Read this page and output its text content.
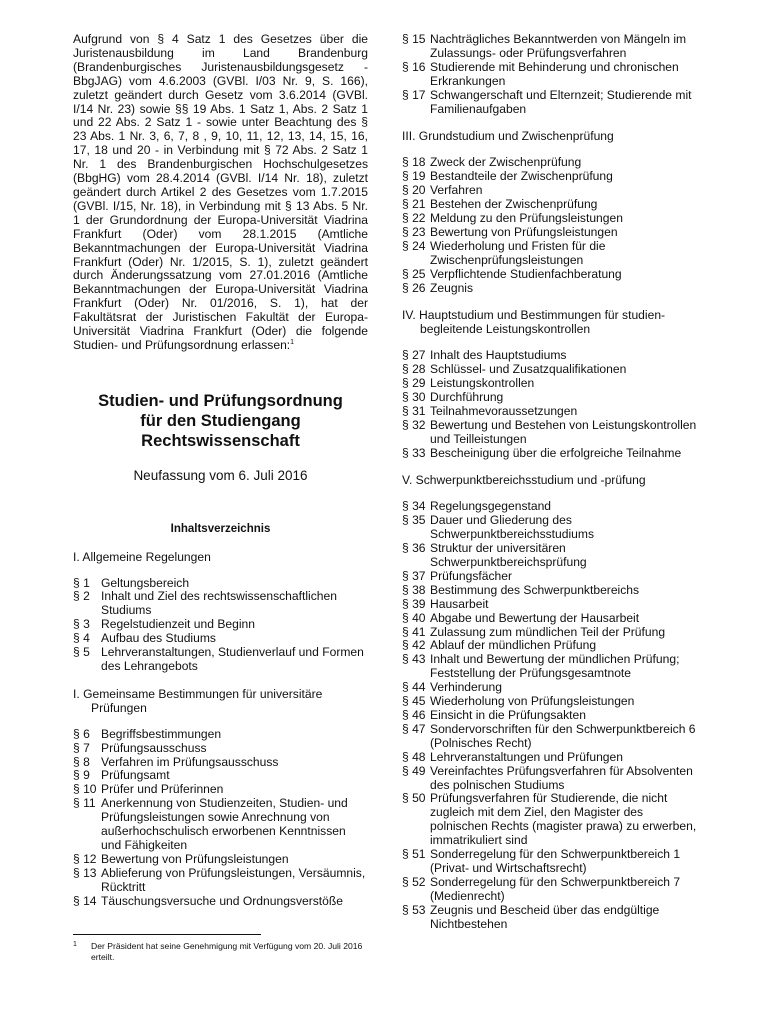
Aufgrund von § 4 Satz 1 des Gesetzes über die Juristenausbildung im Land Brandenburg (Brandenburgisches Juristenausbildungsgesetz - BbgJAG) vom 4.6.2003 (GVBl. I/03 Nr. 9, S. 166), zuletzt geändert durch Gesetz vom 3.6.2014 (GVBl. I/14 Nr. 23) sowie §§ 19 Abs. 1 Satz 1, Abs. 2 Satz 1 und 22 Abs. 2 Satz 1 - sowie unter Beachtung des § 23 Abs. 1 Nr. 3, 6, 7, 8 , 9, 10, 11, 12, 13, 14, 15, 16, 17, 18 und 20 - in Verbindung mit § 72 Abs. 2 Satz 1 Nr. 1 des Brandenburgischen Hochschulgesetzes (BbgHG) vom 28.4.2014 (GVBl. I/14 Nr. 18), zuletzt geändert durch Artikel 2 des Gesetzes vom 1.7.2015 (GVBl. I/15, Nr. 18), in Verbindung mit § 13 Abs. 5 Nr. 1 der Grundordnung der Europa-Universität Viadrina Frankfurt (Oder) vom 28.1.2015 (Amtliche Bekanntmachungen der Europa-Universität Viadrina Frankfurt (Oder) Nr. 1/2015, S. 1), zuletzt geändert durch Änderungssatzung vom 27.01.2016 (Amtliche Bekanntmachungen der Europa-Universität Viadrina Frankfurt (Oder) Nr. 01/2016, S. 1), hat der Fakultätsrat der Juristischen Fakultät der Europa- Universität Viadrina Frankfurt (Oder) die folgende Studien- und Prüfungsordnung erlassen:$^1$

Studien- und Prüfungsordnung
für den Studiengang
Rechtswissenschaft
Neufassung vom 6. Juli 2016
Inhaltsverzeichnis
I. Allgemeine Regelungen
§ 1 Geltungsbereich
§ 2 Inhalt und Ziel des rechtswissenschaftlichen Studiums
§ 3 Regelstudienzeit und Beginn
§ 4 Aufbau des Studiums
§ 5 Lehrveranstaltungen, Studienverlauf und Formen des Lehrangebots
I. Gemeinsame Bestimmungen für universitäre
Prüfungen
§ 6 Begriffsbestimmungen
§ 7 Prüfungsausschuss
§ 8 Verfahren im Prüfungsausschuss
§ 9 Prüfungsamt
§ 10 Prüfer und Prüferinnen
§ 11 Anerkennung von Studienzeiten, Studien- und Prüfungsleistungen sowie Anrechnung von außerhochschulisch erworbenen Kenntnissen und Fähigkeiten
§ 12 Bewertung von Prüfungsleistungen
§ 13 Ablieferung von Prüfungsleistungen, Versäumnis, Rücktritt
§ 14 Täuschungsversuche und Ordnungsverstöße
§ 15 Nachträgliches Bekanntwerden von Mängeln im Zulassungs- oder Prüfungsverfahren
§ 16 Studierende mit Behinderung und chronischen Erkrankungen
§ 17 Schwangerschaft und Elternzeit; Studierende mit Familienaufgaben
III. Grundstudium und Zwischenprüfung
§ 18 Zweck der Zwischenprüfung
§ 19 Bestandteile der Zwischenprüfung
§ 20 Verfahren
§ 21 Bestehen der Zwischenprüfung
§ 22 Meldung zu den Prüfungsleistungen
§ 23 Bewertung von Prüfungsleistungen
§ 24 Wiederholung und Fristen für die Zwischenprüfungsleistungen
§ 25 Verpflichtende Studienfachberatung
§ 26 Zeugnis
IV. Hauptstudium und Bestimmungen für studien-
begleitende Leistungskontrollen
§ 27 Inhalt des Hauptstudiums
§ 28 Schlüssel- und Zusatzqualifikationen
§ 29 Leistungskontrollen
§ 30 Durchführung
§ 31 Teilnahmevoraussetzungen
§ 32 Bewertung und Bestehen von Leistungskontrollen und Teilleistungen
§ 33 Bescheinigung über die erfolgreiche Teilnahme
V. Schwerpunktbereichsstudium und -prüfung
§ 34 Regelungsgegenstand
§ 35 Dauer und Gliederung des Schwerpunktbereichsstudiums
§ 36 Struktur der universitären Schwerpunktbereichsprüfung
§ 37 Prüfungsfächer
§ 38 Bestimmung des Schwerpunktbereichs
§ 39 Hausarbeit
§ 40 Abgabe und Bewertung der Hausarbeit
§ 41 Zulassung zum mündlichen Teil der Prüfung
§ 42 Ablauf der mündlichen Prüfung
§ 43 Inhalt und Bewertung der mündlichen Prüfung; Feststellung der Prüfungsgesamtnote
§ 44 Verhinderung
§ 45 Wiederholung von Prüfungsleistungen
§ 46 Einsicht in die Prüfungsakten
§ 47 Sondervorschriften für den Schwerpunktbereich 6 (Polnisches Recht)
§ 48 Lehrveranstaltungen und Prüfungen
§ 49 Vereinfachtes Prüfungsverfahren für Absolventen des polnischen Studiums
§ 50 Prüfungsverfahren für Studierende, die nicht zugleich mit dem Ziel, den Magister des polnischen Rechts (magister prawa) zu erwerben, immatrikuliert sind
§ 51 Sonderregelung für den Schwerpunktbereich 1 (Privat- und Wirtschaftsrecht)
§ 52 Sonderregelung für den Schwerpunktbereich 7 (Medienrecht)
§ 53 Zeugnis und Bescheid über das endgültige Nichtbestehen
1 Der Präsident hat seine Genehmigung mit Verfügung vom 20. Juli 2016 erteilt.
